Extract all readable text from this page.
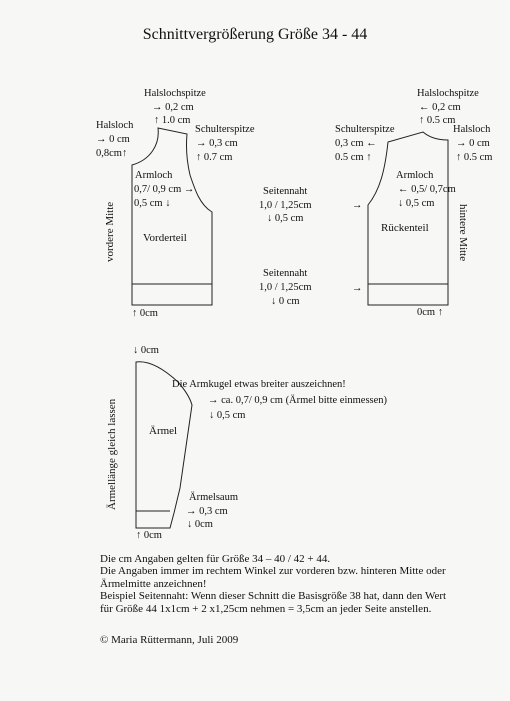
Schnittvergrößerung Größe 34 - 44
Halslochspitze
→ 0,2 cm
↑ 1.0 cm
Halsloch
→ 0 cm
0,8cm↑
Schulterspitze
→ 0,3 cm
↑ 0.7 cm
Armloch
0,7/ 0,9 cm →
0,5 cm ↓
Vorderteil
vordere Mitte
↑ 0cm
Seitennaht
1,0 / 1,25cm
↓ 0,5 cm
→
Seitennaht
1,0 / 1,25cm
↓ 0 cm
→
Halslochspitze
← 0,2 cm
↑ 0.5 cm
Schulterspitze
0,3 cm ←
0.5 cm ↑
Halsloch
→ 0 cm
↑ 0.5 cm
Armloch
← 0,5/ 0,7cm
↓ 0,5 cm
Rückenteil	hintere Mitte
0cm ↑
↓ 0cm
Die Armkugel etwas breiter auszeichnen!
→ ca. 0,7/ 0,9 cm (Ärmel bitte einmessen)
↓ 0,5 cm
Ärmel
Ärmellänge gleich lassen	Ärmelsaum
→ 0,3 cm
↓ 0cm
↑ 0cm
Die cm Angaben gelten für Größe 34 – 40 / 42 + 44.
Die Angaben immer im rechtem Winkel zur vorderen bzw. hinteren Mitte oder
Ärmelmitte anzeichnen!
Beispiel Seitennaht: Wenn dieser Schnitt die Basisgröße 38 hat, dann den Wert
für Größe 44 1x1cm + 2 x1,25cm nehmen = 3,5cm an jeder Seite anstellen.
© Maria Rüttermann, Juli 2009
